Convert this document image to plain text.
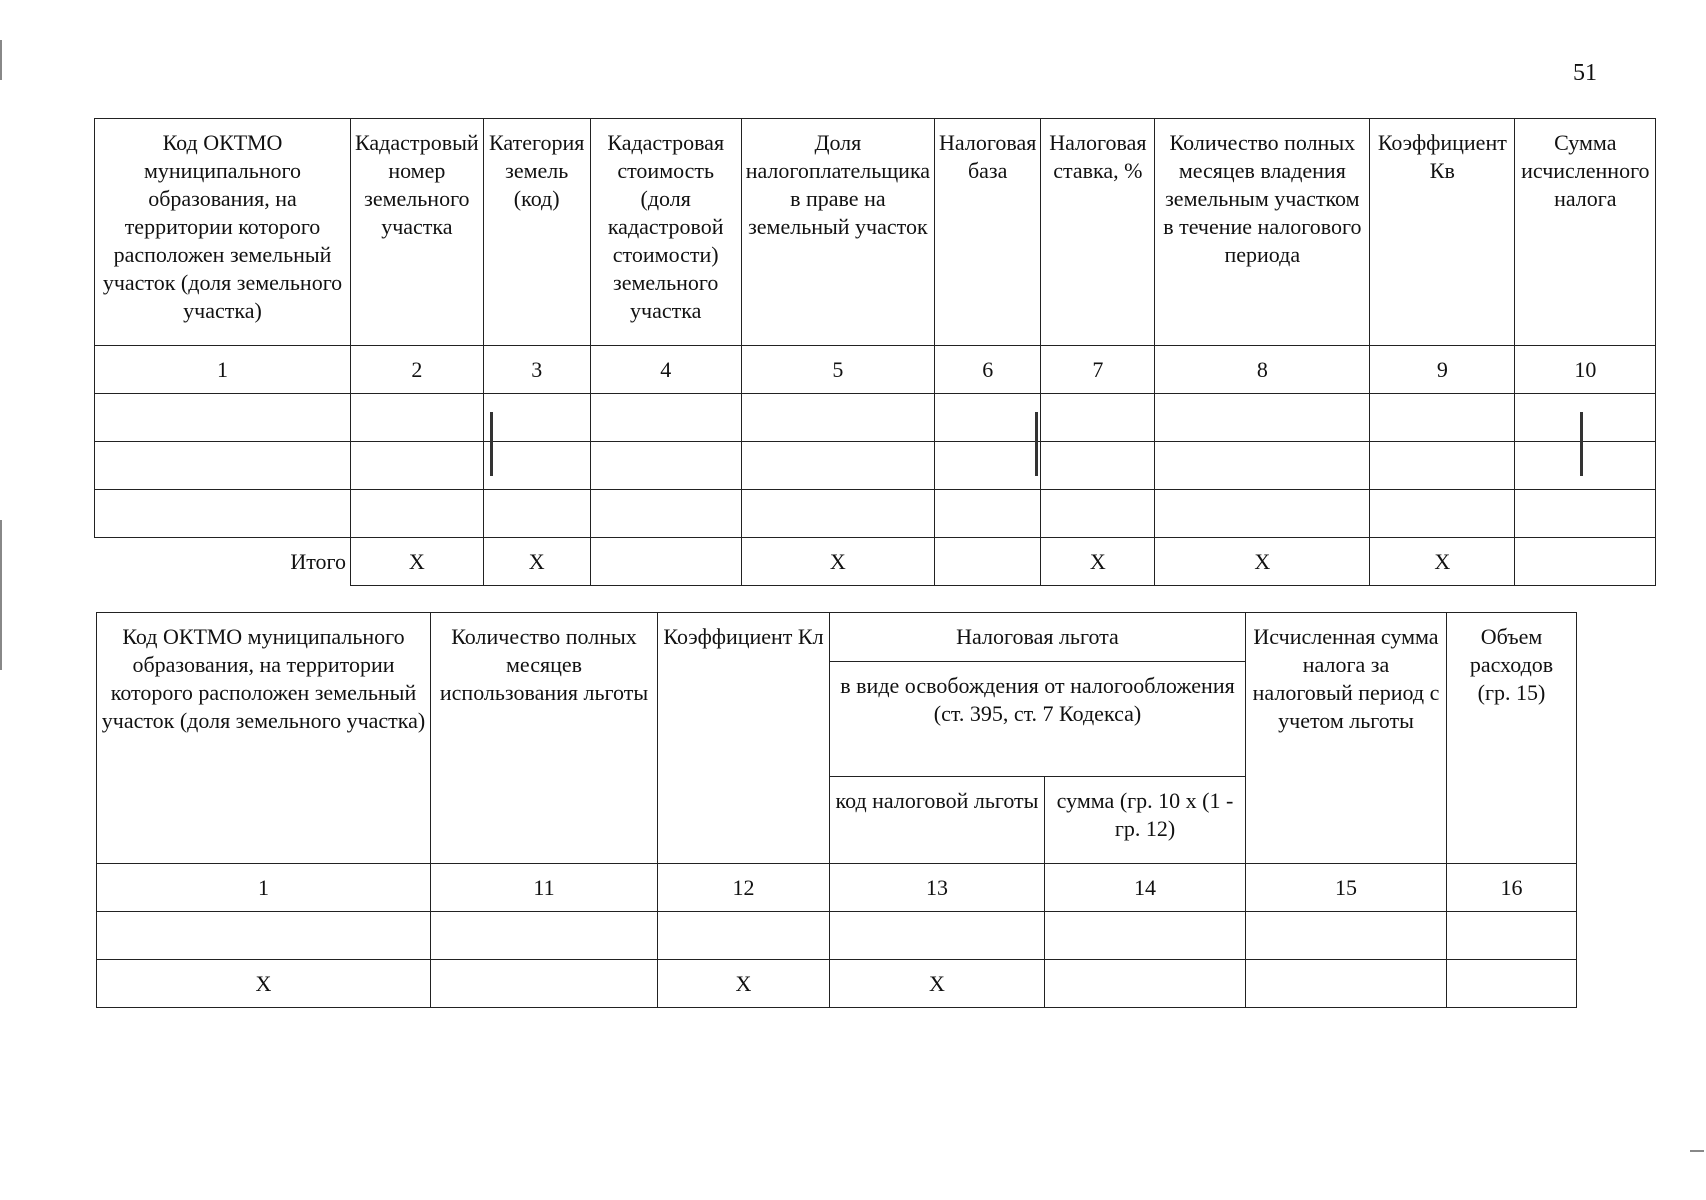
51
Код ОКТМО муниципального образования, на территории которого расположен земельный участок (доля земельного участка)	Кадастровый номер земельного участка	Категория земель (код)	Кадастровая стоимость (доля кадастровой стоимости) земельного участка	Доля налогоплательщика в праве на земельный участок	Налоговая база	Налоговая ставка, %	Количество полных месяцев владения земельным участком в течение налогового периода	Коэффициент Кв	Сумма исчисленного налога
1	2	3	4	5	6	7	8	9	10

Итого	X	X		X		X	X	X	
Код ОКТМО муниципального образования, на территории которого расположен земельный участок (доля земельного участка)	Количество полных месяцев использования льготы	Коэффициент Кл	Налоговая льгота		Исчисленная сумма налога за налоговый период с учетом льготы	Объем расходов (гр. 15)
			в виде освобождения от налогообложения (ст. 395, ст. 7 Кодекса)			
			код налоговой льготы	сумма (гр. 10 х (1 - гр. 12)		
1	11	12	13	14	15	16

X		X	X			
